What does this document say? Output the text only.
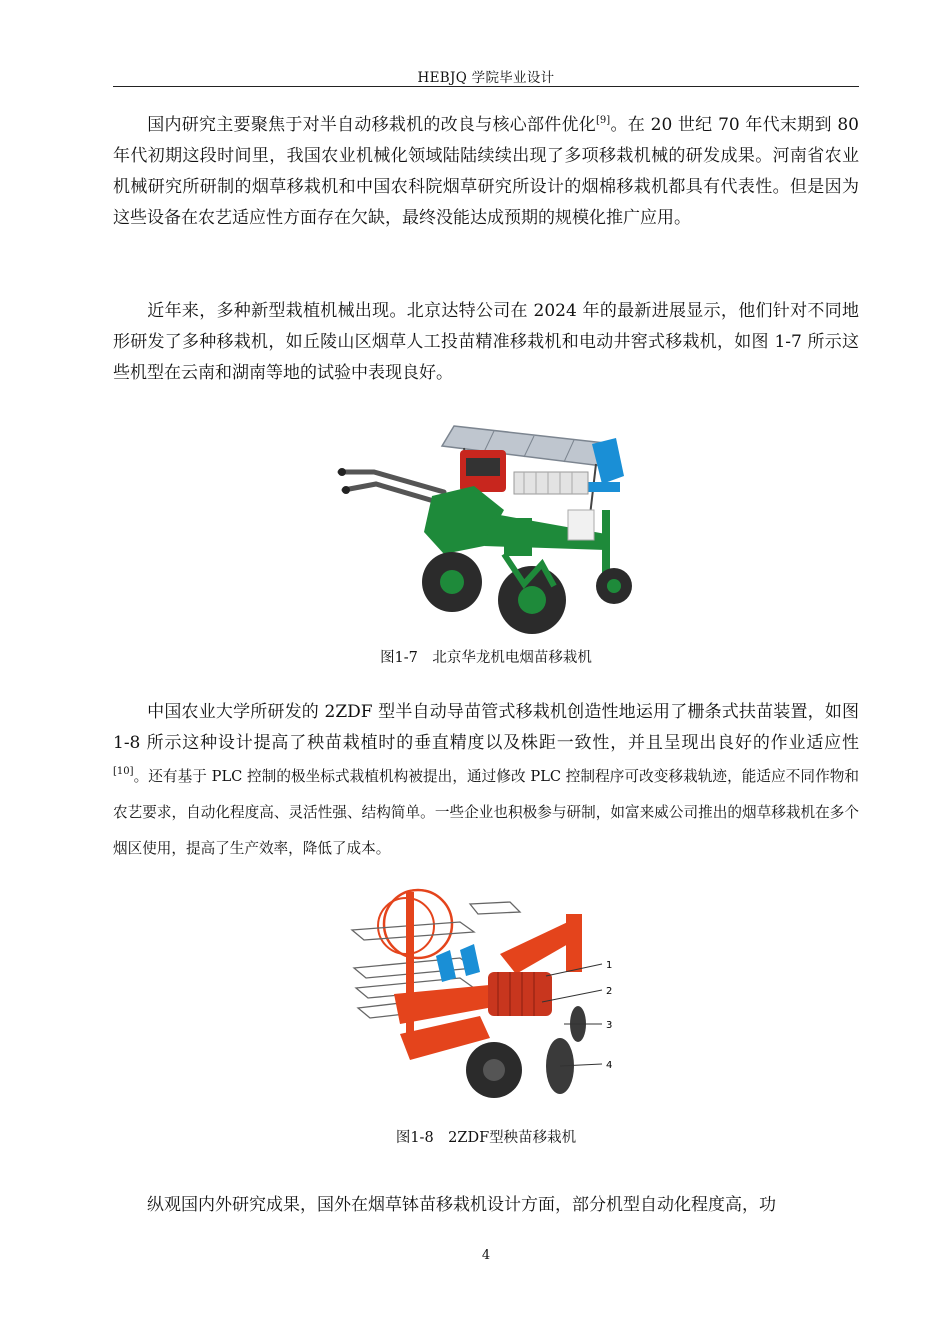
HEBJQ 学院毕业设计

国内研究主要聚焦于对半自动移栽机的改良与核心部件优化[9]。在 20 世纪 70 年代末期到 80 年代初期这段时间里，我国农业机械化领域陆陆续续出现了多项移栽机械的研发成果。河南省农业机械研究所研制的烟草移栽机和中国农科院烟草研究所设计的烟棉移栽机都具有代表性。但是因为这些设备在农艺适应性方面存在欠缺，最终没能达成预期的规模化推广应用。

近年来，多种新型栽植机械出现。北京达特公司在 2024 年的最新进展显示，他们针对不同地形研发了多种移栽机，如丘陵山区烟草人工投苗精准移栽机和电动井窖式移栽机，如图 1-7 所示这些机型在云南和湖南等地的试验中表现良好。

图1-7　北京华龙机电烟苗移栽机

中国农业大学所研发的 2ZDF 型半自动导苗管式移栽机创造性地运用了栅条式扶苗装置，如图 1-8 所示这种设计提高了秧苗栽植时的垂直精度以及株距一致性，并且呈现出良好的作业适应性[10]。还有基于 PLC 控制的极坐标式栽植机构被提出，通过修改 PLC 控制程序可改变移栽轨迹，能适应不同作物和农艺要求，自动化程度高、灵活性强、结构简单。一些企业也积极参与研制，如富来威公司推出的烟草移栽机在多个烟区使用，提高了生产效率，降低了成本。

1
2
3
4
图1-8　2ZDF型秧苗移栽机

纵观国内外研究成果，国外在烟草钵苗移栽机设计方面，部分机型自动化程度高，功

4
